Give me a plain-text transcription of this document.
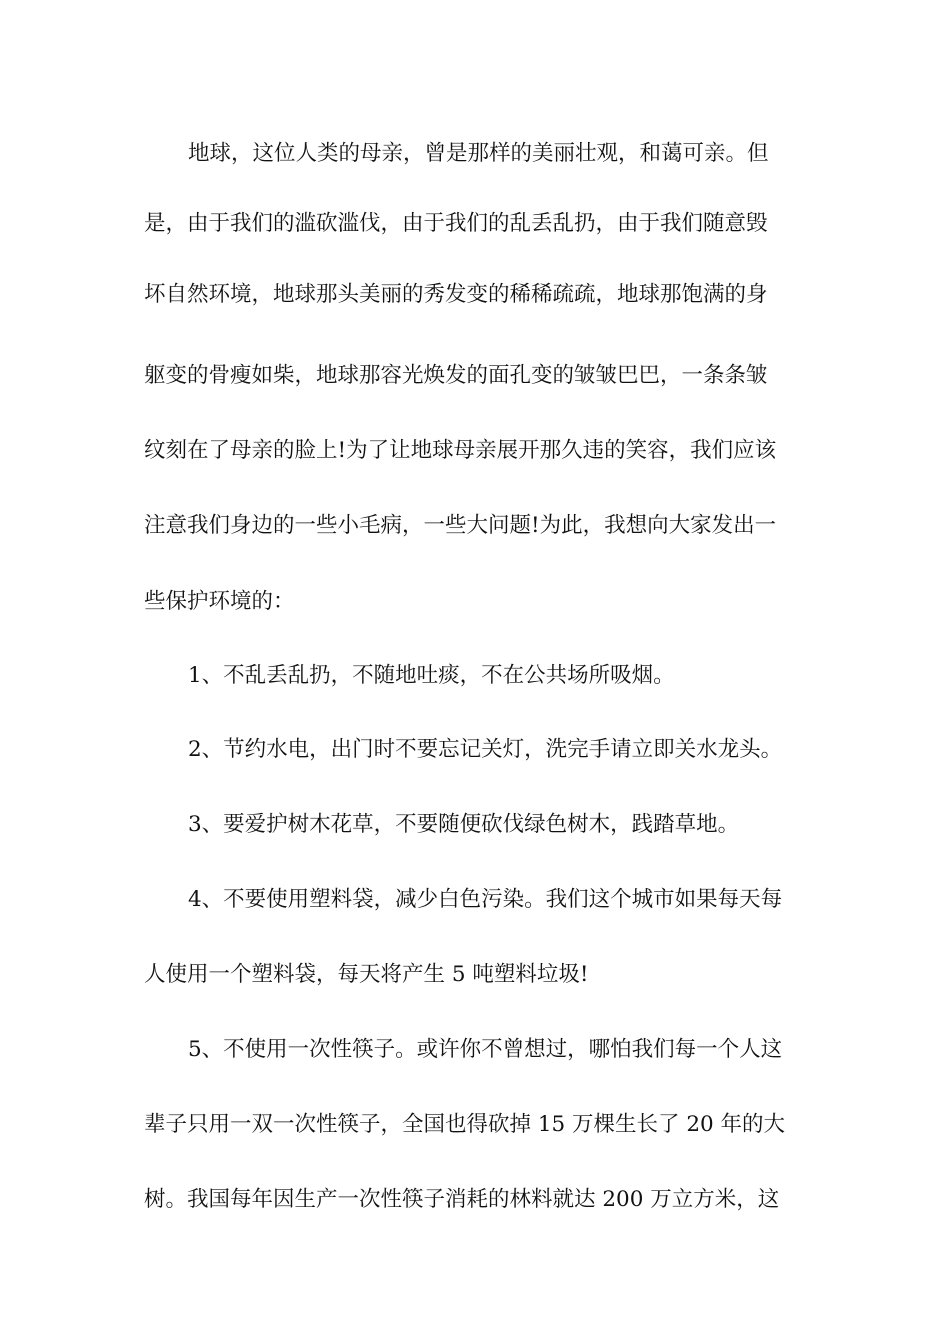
地球，这位人类的母亲，曾是那样的美丽壮观，和蔼可亲。但
是，由于我们的滥砍滥伐，由于我们的乱丢乱扔，由于我们随意毁
坏自然环境，地球那头美丽的秀发变的稀稀疏疏，地球那饱满的身
躯变的骨瘦如柴，地球那容光焕发的面孔变的皱皱巴巴，一条条皱
纹刻在了母亲的脸上!为了让地球母亲展开那久违的笑容，我们应该
注意我们身边的一些小毛病，一些大问题!为此，我想向大家发出一
些保护环境的：
1、不乱丢乱扔，不随地吐痰，不在公共场所吸烟。
2、节约水电，出门时不要忘记关灯，洗完手请立即关水龙头。
3、要爱护树木花草，不要随便砍伐绿色树木，践踏草地。
4、不要使用塑料袋，减少白色污染。我们这个城市如果每天每
人使用一个塑料袋，每天将产生 5 吨塑料垃圾!
5、不使用一次性筷子。或许你不曾想过，哪怕我们每一个人这
辈子只用一双一次性筷子，全国也得砍掉 15 万棵生长了 20 年的大
树。我国每年因生产一次性筷子消耗的林料就达 200 万立方米，这
